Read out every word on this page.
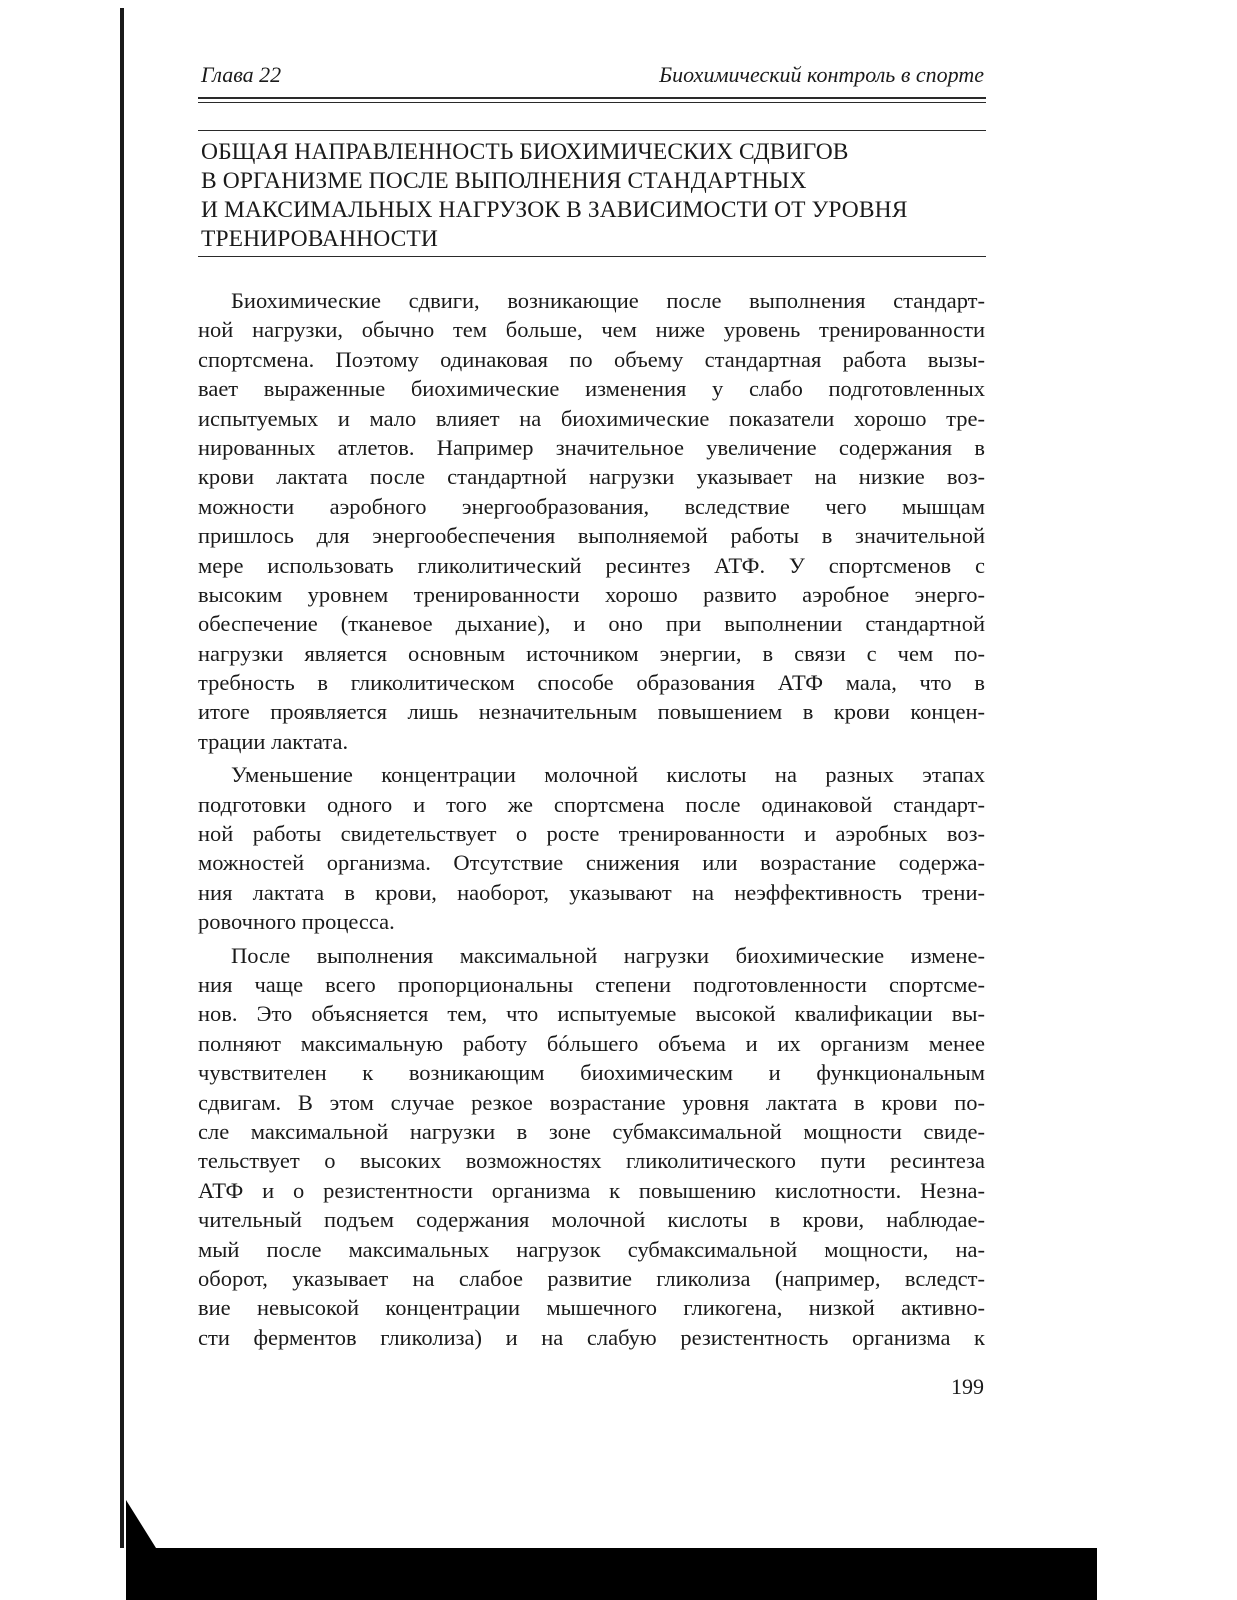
Глава 22	Биохимический контроль в спорте
ОБЩАЯ НАПРАВЛЕННОСТЬ БИОХИМИЧЕСКИХ СДВИГОВ
В ОРГАНИЗМЕ ПОСЛЕ ВЫПОЛНЕНИЯ СТАНДАРТНЫХ
И МАКСИМАЛЬНЫХ НАГРУЗОК В ЗАВИСИМОСТИ ОТ УРОВНЯ
ТРЕНИРОВАННОСТИ
Биохимические сдвиги, возникающие после выполнения стандарт-
ной нагрузки, обычно тем больше, чем ниже уровень тренированности
спортсмена. Поэтому одинаковая по объему стандартная работа вызы-
вает выраженные биохимические изменения у слабо подготовленных
испытуемых и мало влияет на биохимические показатели хорошо тре-
нированных атлетов. Например значительное увеличение содержания в
крови лактата после стандартной нагрузки указывает на низкие воз-
можности аэробного энергообразования, вследствие чего мышцам
пришлось для энергообеспечения выполняемой работы в значительной
мере использовать гликолитический ресинтез АТФ. У спортсменов с
высоким уровнем тренированности хорошо развито аэробное энерго-
обеспечение (тканевое дыхание), и оно при выполнении стандартной
нагрузки является основным источником энергии, в связи с чем по-
требность в гликолитическом способе образования АТФ мала, что в
итоге проявляется лишь незначительным повышением в крови концен-
трации лактата.
Уменьшение концентрации молочной кислоты на разных этапах
подготовки одного и того же спортсмена после одинаковой стандарт-
ной работы свидетельствует о росте тренированности и аэробных воз-
можностей организма. Отсутствие снижения или возрастание содержа-
ния лактата в крови, наоборот, указывают на неэффективность трени-
ровочного процесса.
После выполнения максимальной нагрузки биохимические измене-
ния чаще всего пропорциональны степени подготовленности спортсме-
нов. Это объясняется тем, что испытуемые высокой квалификации вы-
полняют максимальную работу бóльшего объема и их организм менее
чувствителен к возникающим биохимическим и функциональным
сдвигам. В этом случае резкое возрастание уровня лактата в крови по-
сле максимальной нагрузки в зоне субмаксимальной мощности свиде-
тельствует о высоких возможностях гликолитического пути ресинтеза
АТФ и о резистентности организма к повышению кислотности. Незна-
чительный подъем содержания молочной кислоты в крови, наблюдае-
мый после максимальных нагрузок субмаксимальной мощности, на-
оборот, указывает на слабое развитие гликолиза (например, вследст-
вие невысокой концентрации мышечного гликогена, низкой активно-
сти ферментов гликолиза) и на слабую резистентность организма к
199
